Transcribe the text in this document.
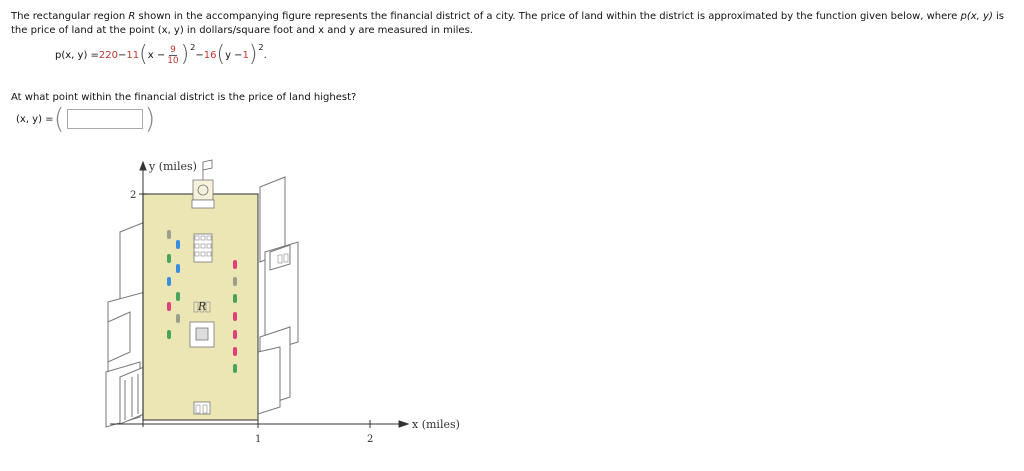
The rectangular region R shown in the accompanying figure represents the financial district of a city. The price of land within the district is approximated by the function given below, where p(x, y) is the price of land at the point (x, y) in dollars/square foot and x and y are measured in miles.
p(x, y) = 220 − 11 ( $x - \frac{9}{10}$ ) 2
− 16 ( y − 1 ) 2
.
At what point within the financial district is the price of land highest?
(x, y) = (	)
y (miles)
x (miles)
2
1	2
R
